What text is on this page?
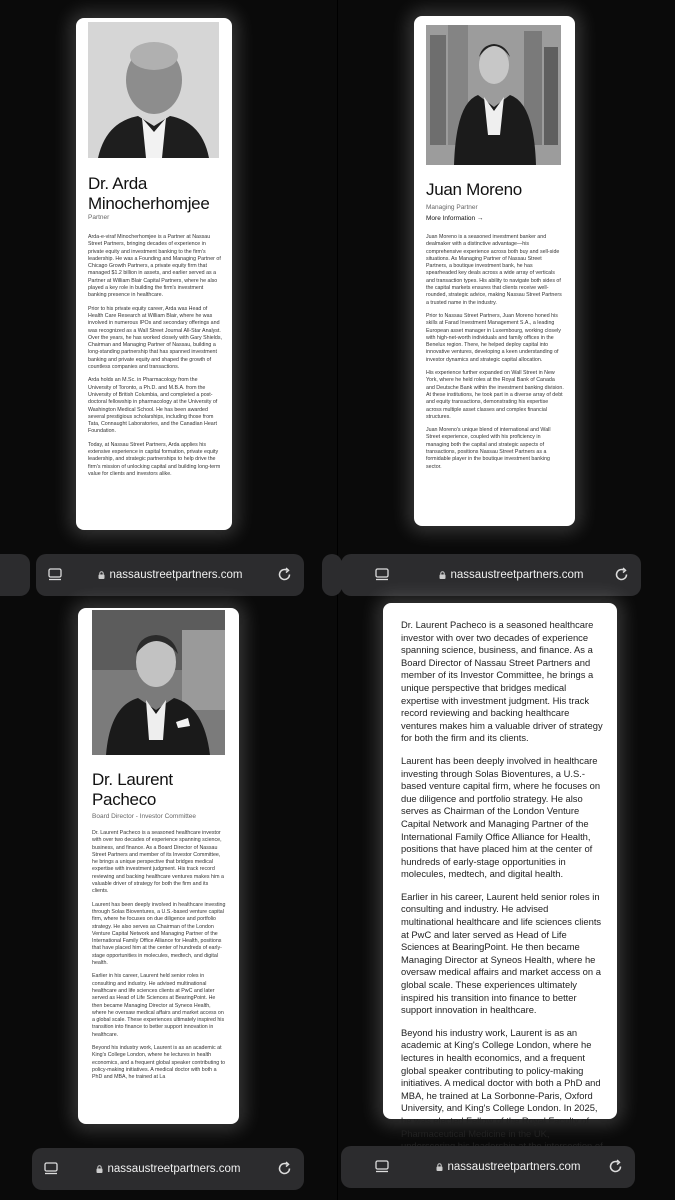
Dr. Arda Minocherhomjee
Partner

Arda-e-viraf Minocherhomjee is a Partner at Nassau Street Partners, bringing decades of experience in private equity and investment banking to the firm's leadership. He was a Founding and Managing Partner of Chicago Growth Partners, a private equity firm that managed $1.2 billion in assets, and earlier served as a Partner at William Blair Capital Partners, where he also played a key role in building the firm's investment banking presence in healthcare.

Prior to his private equity career, Arda was Head of Health Care Research at William Blair, where he was involved in numerous IPOs and secondary offerings and was recognized as a Wall Street Journal All-Star Analyst. Over the years, he has worked closely with Gary Shields, Chairman and Managing Partner of Nassau, building a long-standing partnership that has spanned investment banking and private equity and shaped the growth of countless companies and transactions.

Arda holds an M.Sc. in Pharmacology from the University of Toronto, a Ph.D. and M.B.A. from the University of British Columbia, and completed a post-doctoral fellowship in pharmacology at the University of Washington Medical School. He has been awarded several prestigious scholarships, including those from Tata, Connaught Laboratories, and the Canadian Heart Foundation.

Today, at Nassau Street Partners, Arda applies his extensive experience in capital formation, private equity leadership, and strategic partnerships to help drive the firm's mission of unlocking capital and building long-term value for clients and investors alike.

nassaustreetpartners.com
Juan Moreno
Managing Partner
More Information →

Juan Moreno is a seasoned investment banker and dealmaker with a distinctive advantage—his comprehensive experience across both buy and sell-side situations. As Managing Partner of Nassau Street Partners, a boutique investment bank, he has spearheaded key deals across a wide array of verticals and transaction types. His ability to navigate both sides of the capital markets ensures that clients receive well-rounded, strategic advice, making Nassau Street Partners a trusted name in the industry.

Prior to Nassau Street Partners, Juan Moreno honed his skills at Farad Investment Management S.A., a leading European asset manager in Luxembourg, working closely with high-net-worth individuals and family offices in the Benelux region. There, he helped deploy capital into innovative ventures, developing a keen understanding of investor dynamics and strategic capital allocation.

His experience further expanded on Wall Street in New York, where he held roles at the Royal Bank of Canada and Deutsche Bank within the investment banking division. At these institutions, he took part in a diverse array of debt and equity transactions, demonstrating his expertise across multiple asset classes and complex financial structures.

Juan Moreno's unique blend of international and Wall Street experience, coupled with his proficiency in managing both the capital and strategic aspects of transactions, positions Nassau Street Partners as a formidable player in the boutique investment banking sector.

nassaustreetpartners.com
Dr. Laurent Pacheco
Board Director - Investor Committee

Dr. Laurent Pacheco is a seasoned healthcare investor with over two decades of experience spanning science, business, and finance. As a Board Director of Nassau Street Partners and member of its Investor Committee, he brings a unique perspective that bridges medical expertise with investment judgment. His track record reviewing and backing healthcare ventures makes him a valuable driver of strategy for both the firm and its clients.

Laurent has been deeply involved in healthcare investing through Solas Bioventures, a U.S.-based venture capital firm, where he focuses on due diligence and portfolio strategy. He also serves as Chairman of the London Venture Capital Network and Managing Partner of the International Family Office Alliance for Health, positions that have placed him at the center of hundreds of early-stage opportunities in molecules, medtech, and digital health.

Earlier in his career, Laurent held senior roles in consulting and industry. He advised multinational healthcare and life sciences clients at PwC and later served as Head of Life Sciences at BearingPoint. He then became Managing Director at Syneos Health, where he oversaw medical affairs and market access on a global scale. These experiences ultimately inspired his transition into finance to better support innovation in healthcare.

Beyond his industry work, Laurent is as an academic at King's College London, where he lectures in health economics, and a frequent global speaker contributing to policy-making initiatives. A medical doctor with both a PhD and MBA, he trained at La

nassaustreetpartners.com

Dr. Laurent Pacheco is a seasoned healthcare investor with over two decades of experience spanning science, business, and finance. As a Board Director of Nassau Street Partners and member of its Investor Committee, he brings a unique perspective that bridges medical expertise with investment judgment. His track record reviewing and backing healthcare ventures makes him a valuable driver of strategy for both the firm and its clients.

Laurent has been deeply involved in healthcare investing through Solas Bioventures, a U.S.-based venture capital firm, where he focuses on due diligence and portfolio strategy. He also serves as Chairman of the London Venture Capital Network and Managing Partner of the International Family Office Alliance for Health, positions that have placed him at the center of hundreds of early-stage opportunities in molecules, medtech, and digital health.

Earlier in his career, Laurent held senior roles in consulting and industry. He advised multinational healthcare and life sciences clients at PwC and later served as Head of Life Sciences at BearingPoint. He then became Managing Director at Syneos Health, where he oversaw medical affairs and market access on a global scale. These experiences ultimately inspired his transition into finance to better support innovation in healthcare.

Beyond his industry work, Laurent is as an academic at King's College London, where he lectures in health economics, and a frequent global speaker contributing to policy-making initiatives. A medical doctor with both a PhD and MBA, he trained at La Sorbonne-Paris, Oxford University, and King's College London. In 2025, he was elected Fellow of the Royal Faculty of Pharmaceutical Medicine in the UK,

nassaustreetpartners.com
